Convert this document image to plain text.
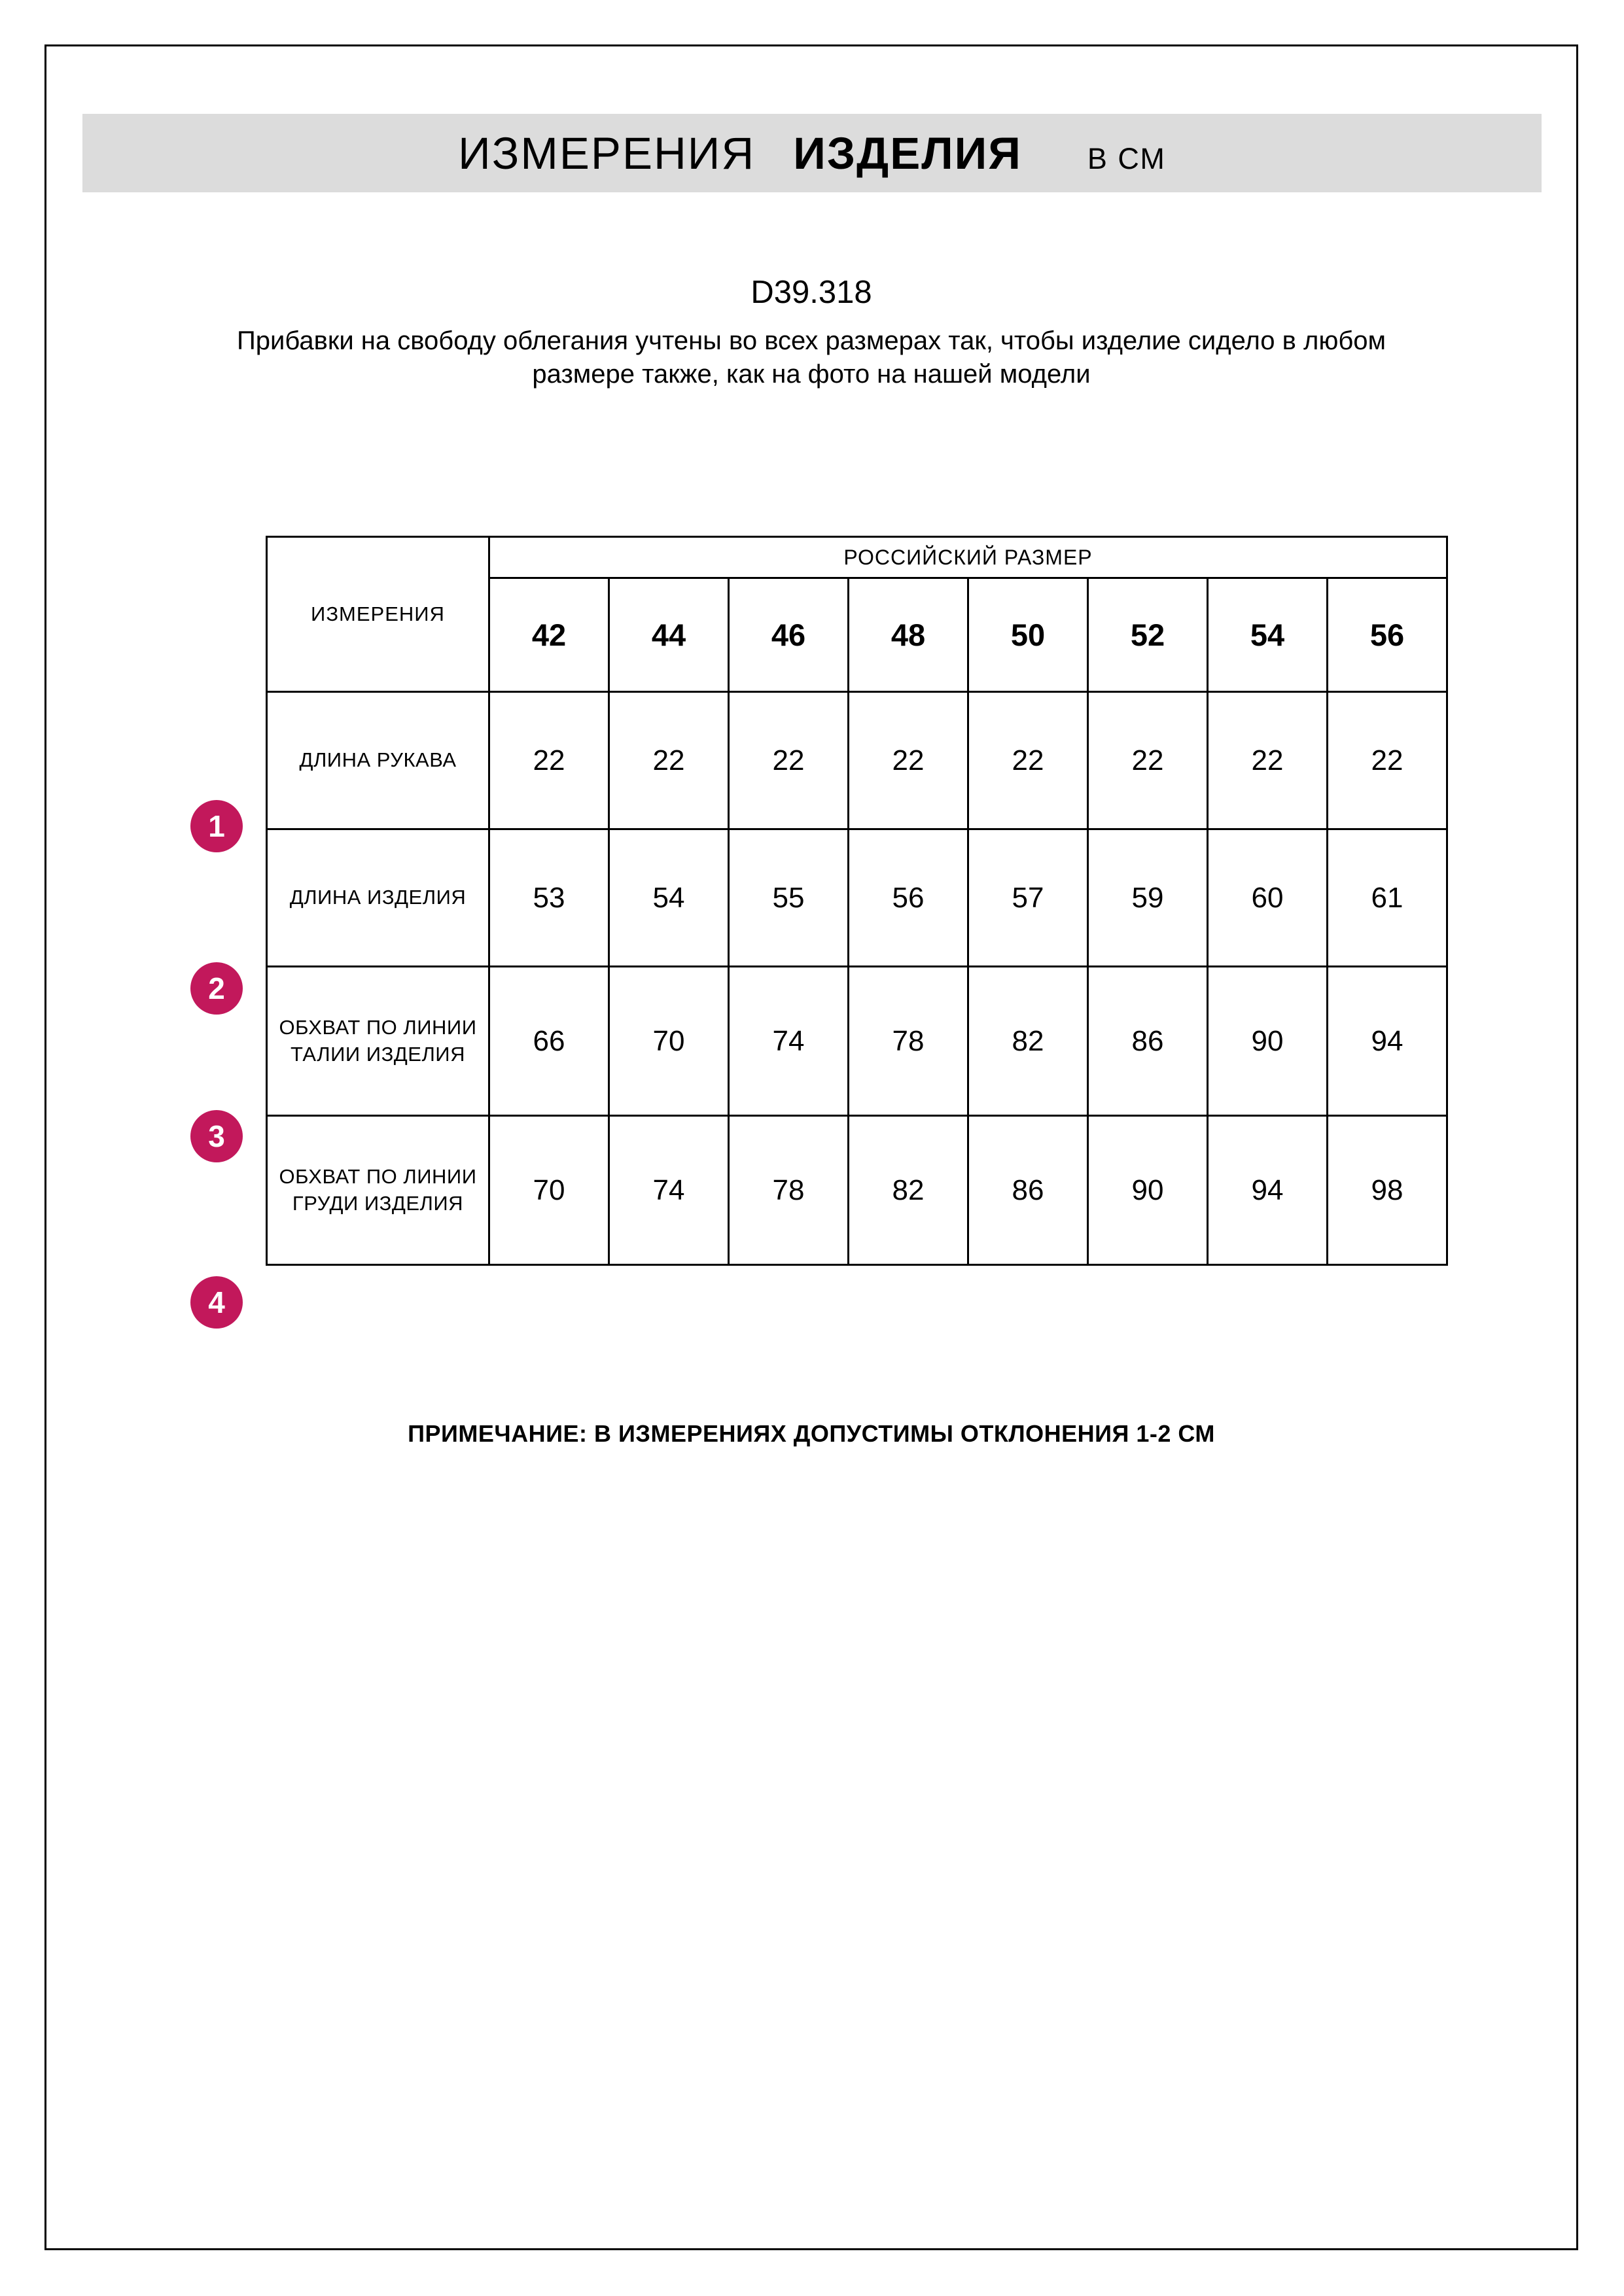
ИЗМЕРЕНИЯ ИЗДЕЛИЯ В СМ
D39.318
Прибавки на свободу облегания учтены во всех размерах так, чтобы изделие сидело в любом размере также, как на фото на нашей модели
ИЗМЕРЕНИЯ	РОССИЙСКИЙ РАЗМЕР							
	42	44	46	48	50	52	54	56
ДЛИНА РУКАВА	22	22	22	22	22	22	22	22
ДЛИНА ИЗДЕЛИЯ	53	54	55	56	57	59	60	61
ОБХВАТ ПО ЛИНИИ ТАЛИИ ИЗДЕЛИЯ	66	70	74	78	82	86	90	94
ОБХВАТ ПО ЛИНИИ ГРУДИ ИЗДЕЛИЯ	70	74	78	82	86	90	94	98
1
2
3
4
ПРИМЕЧАНИЕ: В ИЗМЕРЕНИЯХ ДОПУСТИМЫ ОТКЛОНЕНИЯ 1-2 СМ
